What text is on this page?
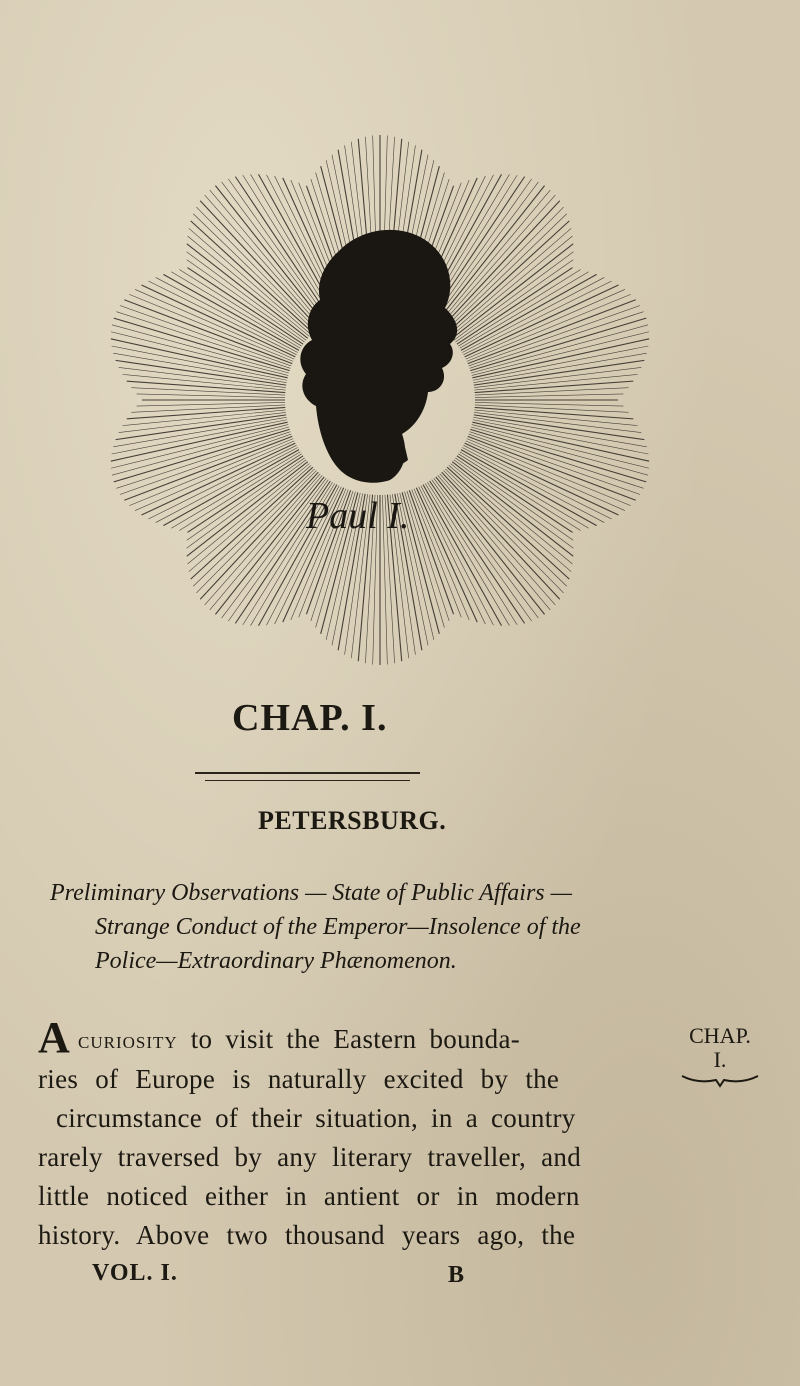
Paul I.
CHAP. I.
PETERSBURG.
Preliminary Observations — State of Public Affairs —
Strange Conduct of the Emperor—Insolence of the
Police—Extraordinary Phænomenon.
A curiosity to visit the Eastern bounda-
ries of Europe is naturally excited by the
circumstance of their situation, in a country
rarely traversed by any literary traveller, and
little noticed either in antient or in modern
history. Above two thousand years ago, the
CHAP.
I.
VOL. I.	B
